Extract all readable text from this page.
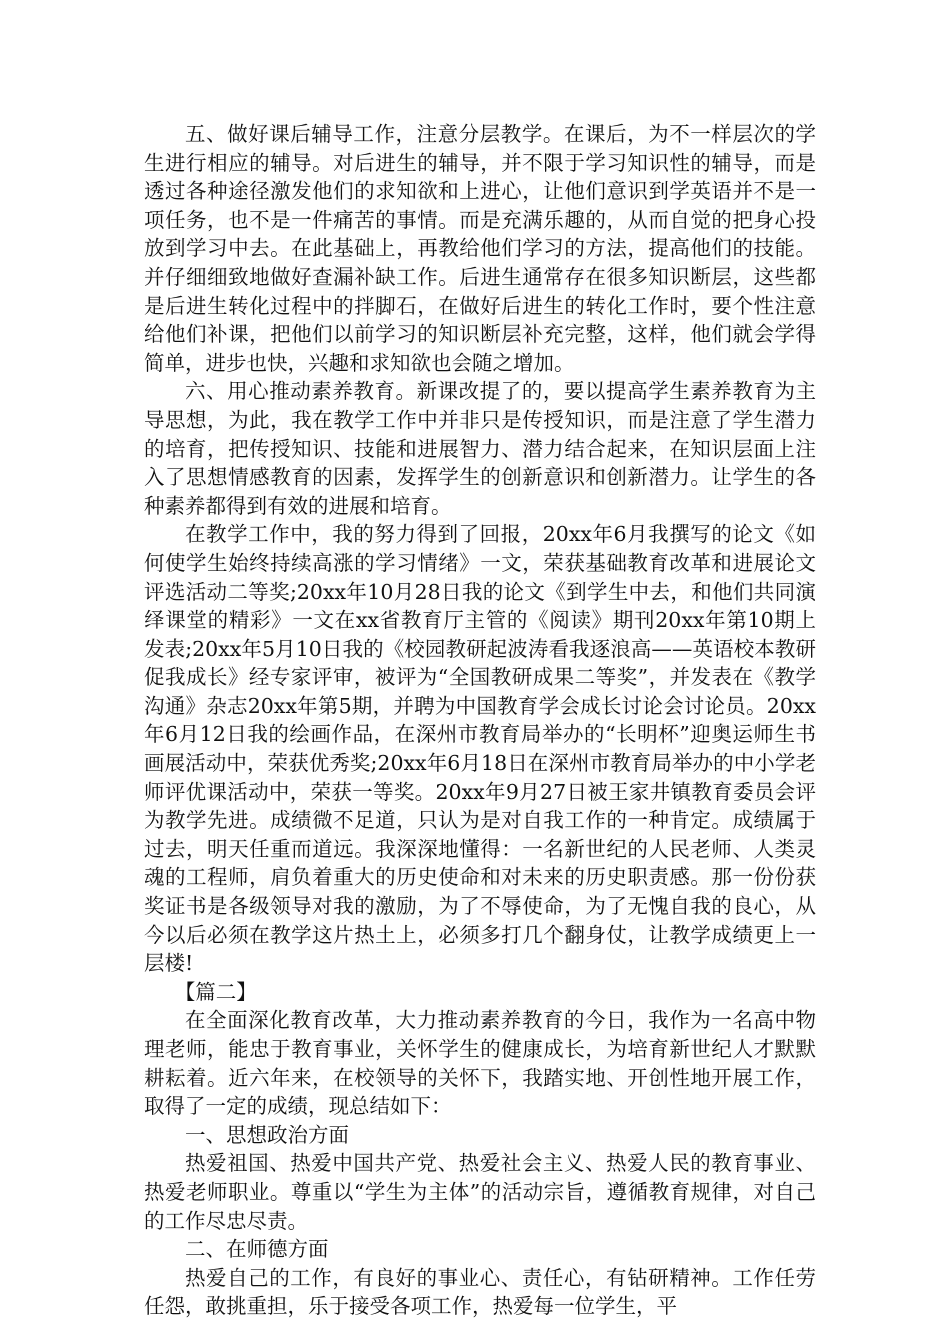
五、做好课后辅导工作，注意分层教学。在课后，为不一样层次的学生进行相应的辅导。对后进生的辅导，并不限于学习知识性的辅导，而是透过各种途径激发他们的求知欲和上进心，让他们意识到学英语并不是一项任务，也不是一件痛苦的事情。而是充满乐趣的，从而自觉的把身心投放到学习中去。在此基础上，再教给他们学习的方法，提高他们的技能。并仔细细致地做好查漏补缺工作。后进生通常存在很多知识断层，这些都是后进生转化过程中的拌脚石，在做好后进生的转化工作时，要个性注意给他们补课，把他们以前学习的知识断层补充完整，这样，他们就会学得简单，进步也快，兴趣和求知欲也会随之增加。

六、用心推动素养教育。新课改提了的，要以提高学生素养教育为主导思想，为此，我在教学工作中并非只是传授知识，而是注意了学生潜力的培育，把传授知识、技能和进展智力、潜力结合起来，在知识层面上注入了思想情感教育的因素，发挥学生的创新意识和创新潜力。让学生的各种素养都得到有效的进展和培育。

在教学工作中，我的努力得到了回报，20xx年6月我撰写的论文《如何使学生始终持续高涨的学习情绪》一文，荣获基础教育改革和进展论文评选活动二等奖;20xx年10月28日我的论文《到学生中去，和他们共同演绎课堂的精彩》一文在xx省教育厅主管的《阅读》期刊20xx年第10期上发表;20xx年5月10日我的《校园教研起波涛看我逐浪高——英语校本教研促我成长》经专家评审，被评为“全国教研成果二等奖”，并发表在《教学沟通》杂志20xx年第5期，并聘为中国教育学会成长讨论会讨论员。20xx年6月12日我的绘画作品，在深州市教育局举办的“长明杯”迎奥运师生书画展活动中，荣获优秀奖;20xx年6月18日在深州市教育局举办的中小学老师评优课活动中，荣获一等奖。20xx年9月27日被王家井镇教育委员会评为教学先进。成绩微不足道，只认为是对自我工作的一种肯定。成绩属于过去，明天任重而道远。我深深地懂得：一名新世纪的人民老师、人类灵魂的工程师，肩负着重大的历史使命和对未来的历史职责感。那一份份获奖证书是各级领导对我的激励，为了不辱使命，为了无愧自我的良心，从今以后必须在教学这片热土上，必须多打几个翻身仗，让教学成绩更上一层楼!

【篇二】

在全面深化教育改革，大力推动素养教育的今日，我作为一名高中物理老师，能忠于教育事业，关怀学生的健康成长，为培育新世纪人才默默耕耘着。近六年来，在校领导的关怀下，我踏实地、开创性地开展工作，取得了一定的成绩，现总结如下：

一、思想政治方面

热爱祖国、热爱中国共产党、热爱社会主义、热爱人民的教育事业、热爱老师职业。尊重以“学生为主体”的活动宗旨，遵循教育规律，对自己的工作尽忠尽责。

二、在师德方面

热爱自己的工作，有良好的事业心、责任心，有钻研精神。工作任劳任怨，敢挑重担，乐于接受各项工作，热爱每一位学生，平
